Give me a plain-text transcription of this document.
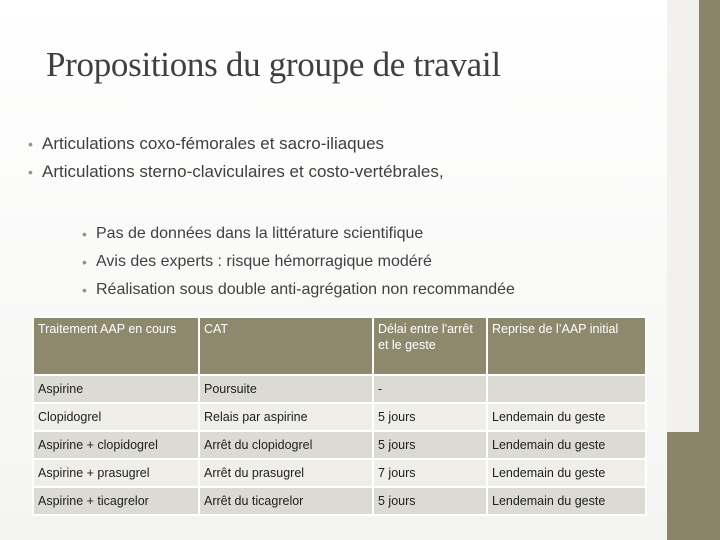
Propositions du groupe de travail
• Articulations coxo-fémorales et sacro-iliaques
• Articulations sterno-claviculaires et costo-vertébrales,
• Pas de données dans la littérature scientifique
• Avis des experts : risque hémorragique modéré
• Réalisation sous double anti-agrégation non recommandée
Traitement AAP en cours	CAT	Délai entre l'arrêt et le geste	Reprise de l’AAP initial
Aspirine	Poursuite	-	
Clopidogrel	Relais par aspirine	5 jours	Lendemain du geste
Aspirine + clopidogrel	Arrêt du clopidogrel	5 jours	Lendemain du geste
Aspirine + prasugrel	Arrêt du prasugrel	7 jours	Lendemain du geste
Aspirine + ticagrelor	Arrêt du ticagrelor	5 jours	Lendemain du geste
